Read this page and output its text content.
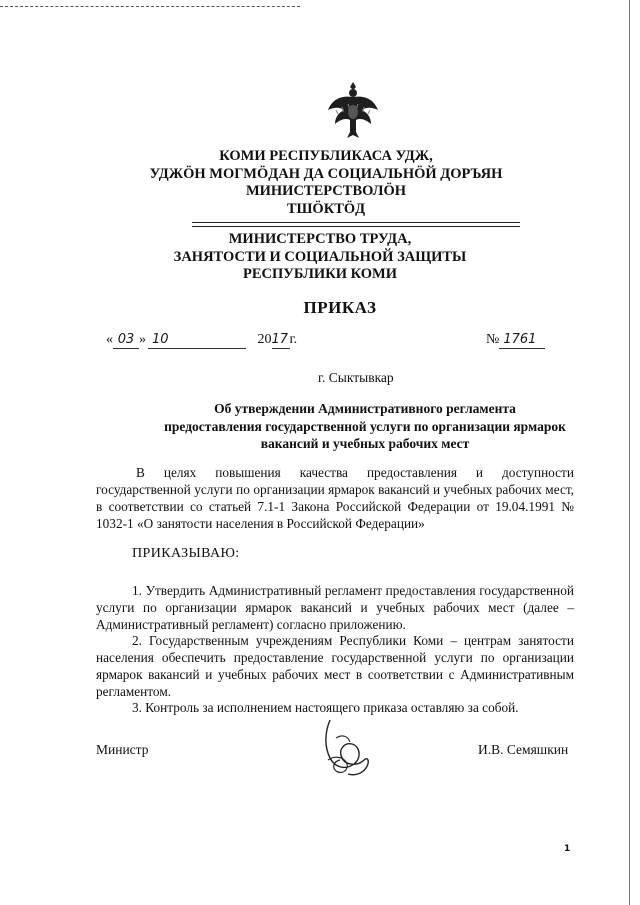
КОМИ РЕСПУБЛИКАСА УДЖ,
УДЖӦН МОГМӦДАН ДА СОЦИАЛЬНӦЙ ДОРЪЯН
МИНИСТЕРСТВОЛӦН
ТШӦКТӦД
МИНИСТЕРСТВО ТРУДА,
ЗАНЯТОСТИ И СОЦИАЛЬНОЙ ЗАЩИТЫ
РЕСПУБЛИКИ КОМИ
ПРИКАЗ
« 03 » 10	2017г.	№ 1761
г. Сыктывкар
Об утверждении Административного регламента
предоставления государственной услуги по организации ярмарок
вакансий и учебных рабочих мест
В целях повышения качества предоставления и доступности государственной услуги по организации ярмарок вакансий и учебных рабочих мест, в соответствии со статьей 7.1-1 Закона Российской Федерации от 19.04.1991 № 1032-1 «О занятости населения в Российской Федерации»
ПРИКАЗЫВАЮ:
1. Утвердить Административный регламент предоставления государственной услуги по организации ярмарок вакансий и учебных рабочих мест (далее – Административный регламент) согласно приложению.
2. Государственным учреждениям Республики Коми – центрам занятости населения обеспечить предоставление государственной услуги по организации ярмарок вакансий и учебных рабочих мест в соответствии с Административным регламентом.
3. Контроль за исполнением настоящего приказа оставляю за собой.
Министр	И.В. Семяшкин
1
